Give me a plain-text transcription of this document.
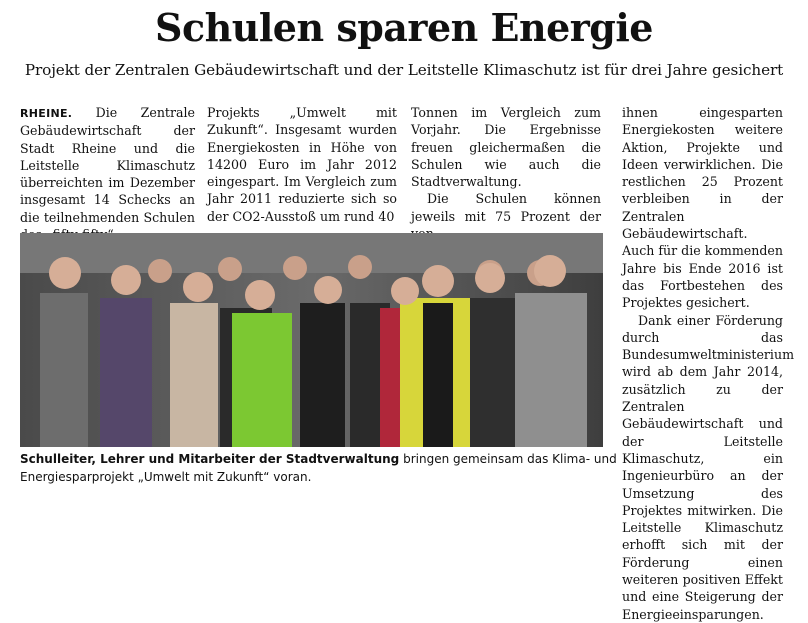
Schulen sparen Energie
Projekt der Zentralen Gebäudewirtschaft und der Leitstelle Klimaschutz ist für drei Jahre gesichert

RHEINE. Die Zentrale Gebäudewirtschaft der Stadt Rheine und die Leitstelle Klimaschutz überreichten im Dezember insgesamt 14 Schecks an die teilnehmenden Schulen

Projekts „Umwelt mit Zukunft“. Insgesamt wurden Energiekosten in Höhe von 14200 Euro im Jahr 2012 eingespart. Im Vergleich zum Jahr 2011 reduzierte sich so der CO2-Ausstoß um rund 40

Tonnen im Vergleich zum Vorjahr. Die Ergebnisse freuen gleichermaßen die Schulen wie auch die Stadtverwaltung.

Die Schulen können jeweils mit 75 Prozent der

ihnen eingesparten Energiekosten weitere Aktion, Projekte und Ideen verwirklichen. Die restlichen 25 Prozent verbleiben in der Zentralen Gebäudewirtschaft. Auch für die kommenden Jahre bis Ende 2016 ist das Fortbestehen des Projektes gesichert.

Dank einer Förderung durch das Bundesumweltministerium wird ab dem Jahr 2014, zusätzlich zu der Zentralen Gebäudewirtschaft und der Leitstelle Klimaschutz, ein Ingenieurbüro an der Umsetzung des Projektes mitwirken. Die Leitstelle Klimaschutz erhofft sich mit der Förderung einen weiteren positiven Effekt und eine Steigerung der Energieeinsparungen.

Schulleiter, Lehrer und Mitarbeiter der Stadtverwaltung bringen gemeinsam das Klima- und Energiesparprojekt „Umwelt mit Zukunft“ voran.
